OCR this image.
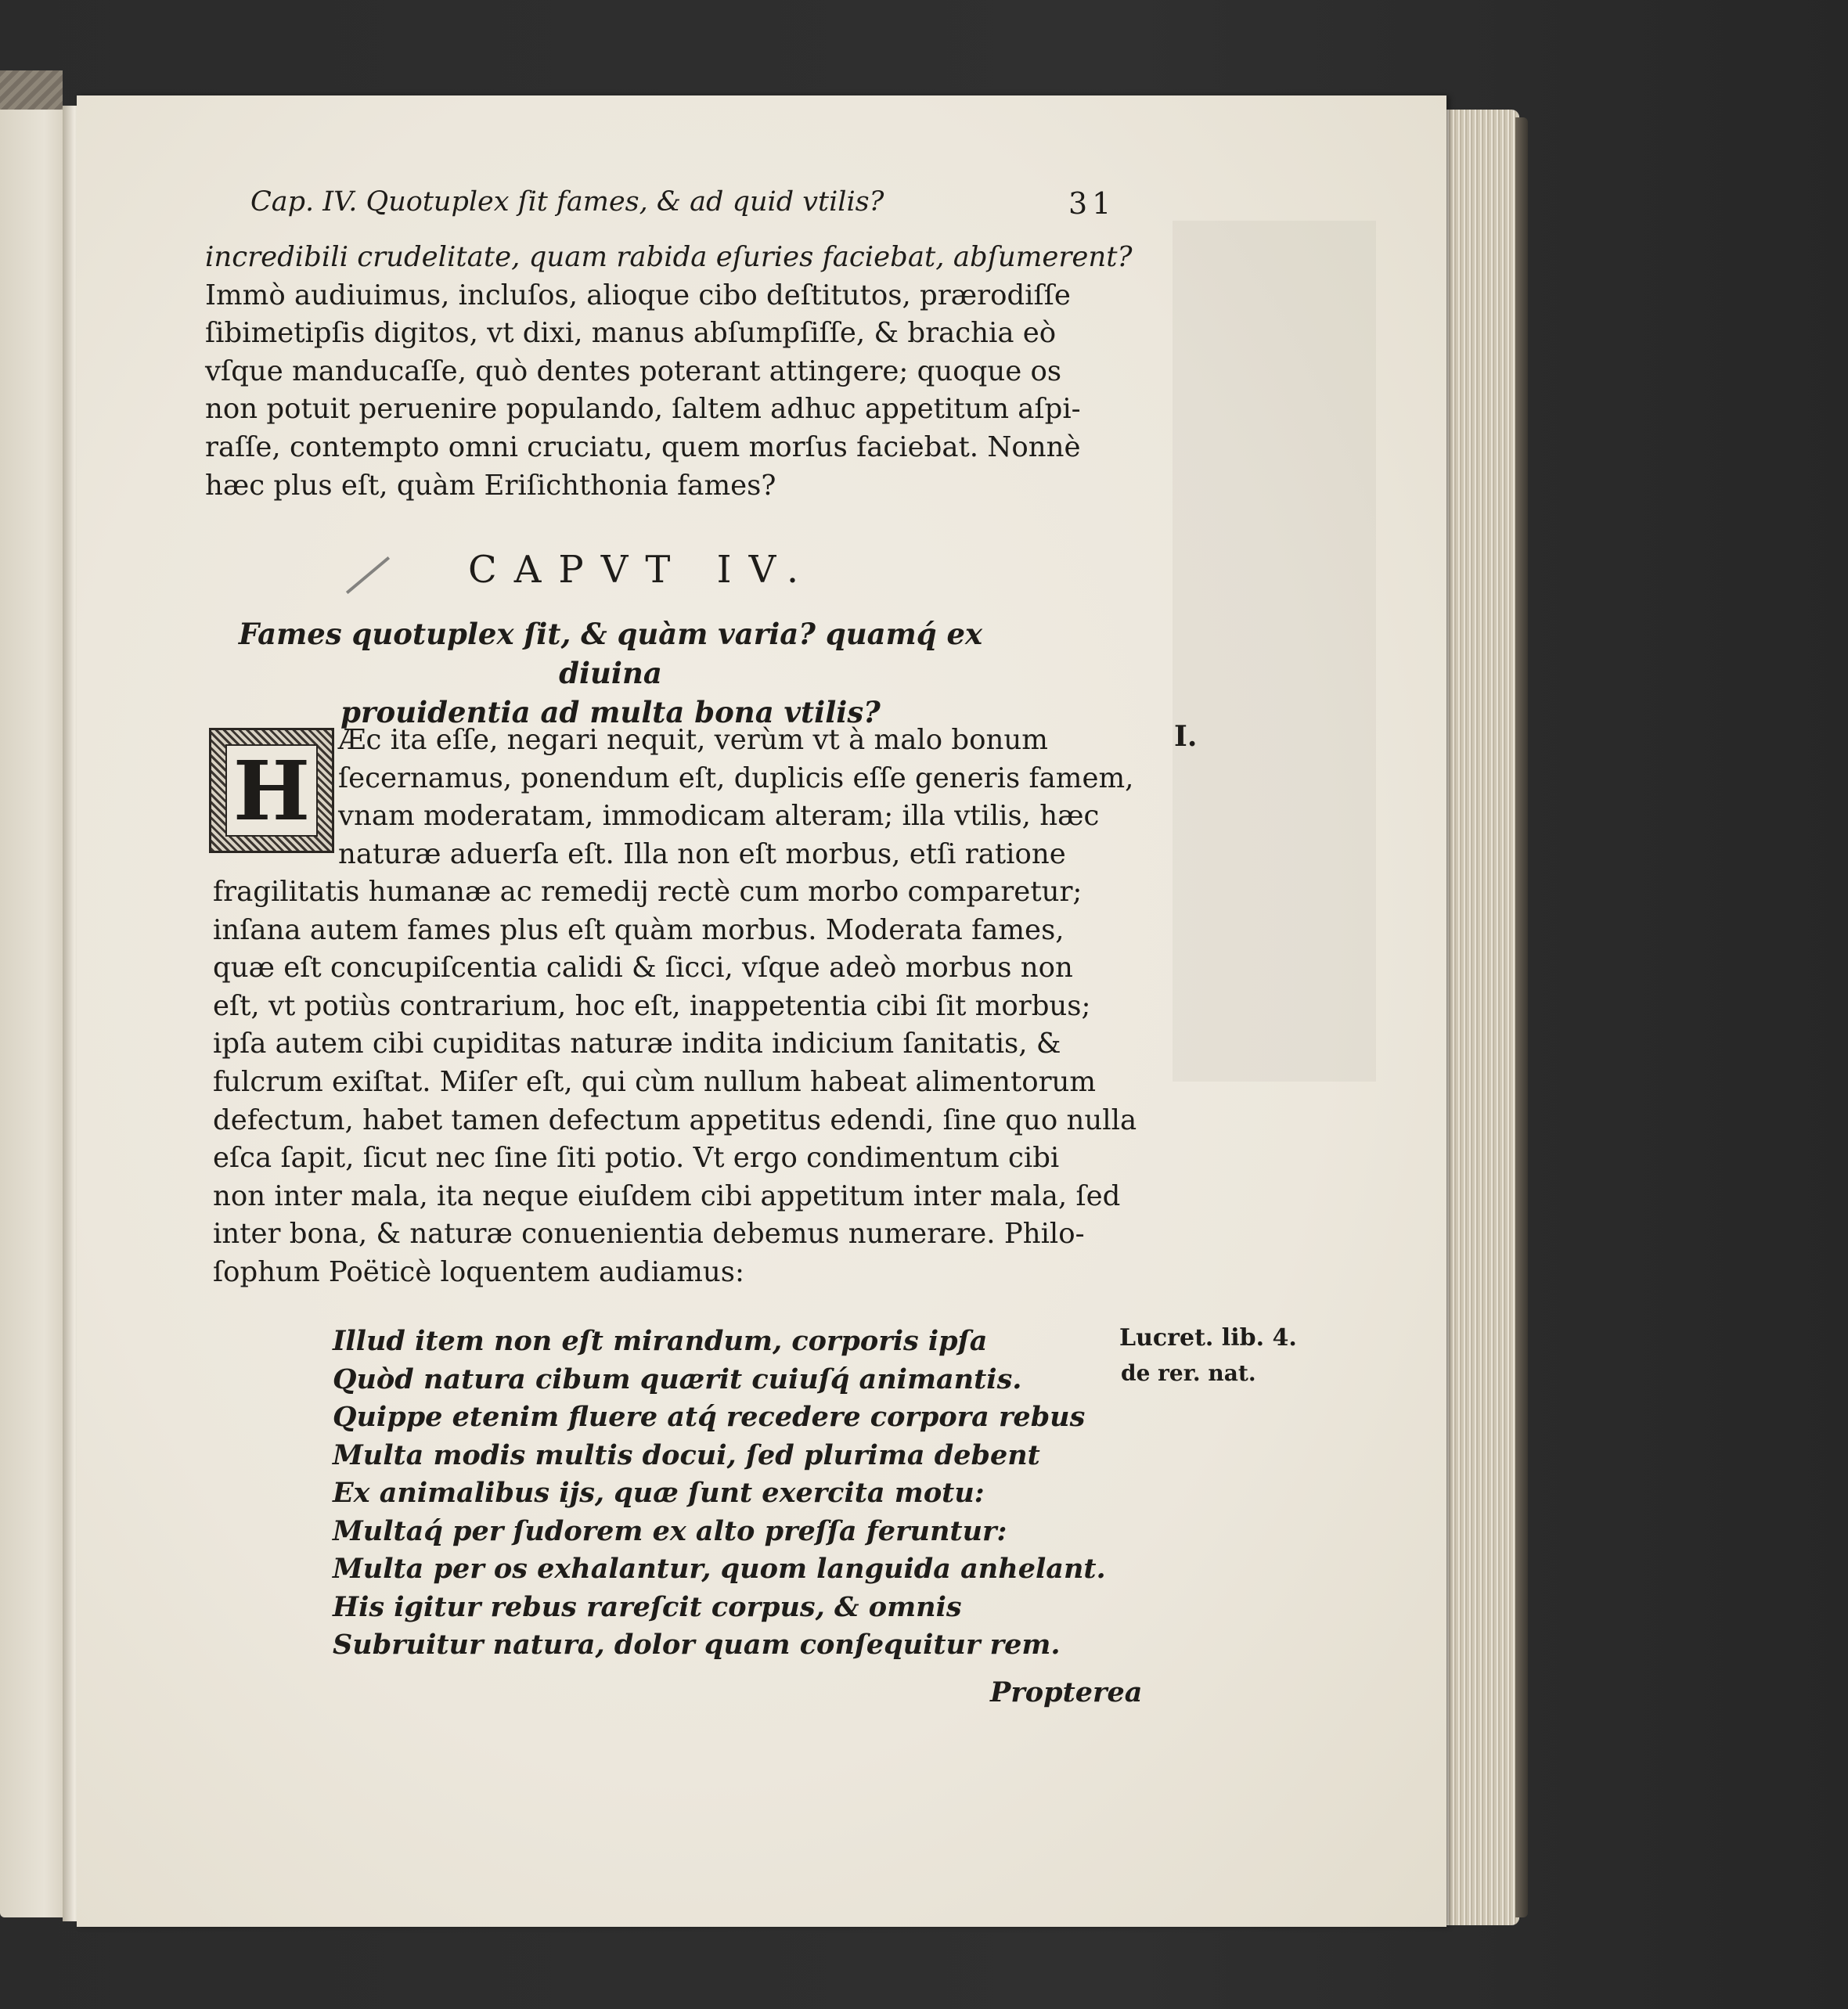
Cap. IV. Quotuplex ſit fames, & ad quid vtilis?	31
incredibili crudelitate, quam rabida eſuries faciebat, abſumerent?
Immò audiuimus, incluſos, alioque cibo deſtitutos, prærodiſſe
ſibimetipſis digitos, vt dixi, manus abſumpſiſſe, & brachia eò
vſque manducaſſe, quò dentes poterant attingere; quoque os
non potuit peruenire populando, ſaltem adhuc appetitum aſpi-
raſſe, contempto omni cruciatu, quem morſus faciebat. Nonnè
hæc plus eſt, quàm Eriſichthonia fames?
CAPVT IV.
Fames quotuplex ſit, & quàm varia? quamq́ ex diuina
prouidentia ad multa bona vtilis?
H
Æc ita eſſe, negari nequit, verùm vt à malo bonum
ſecernamus, ponendum eſt, duplicis eſſe generis famem,
vnam moderatam, immodicam alteram; illa vtilis, hæc
naturæ aduerſa eſt. Illa non eſt morbus, etſi ratione
fragilitatis humanæ ac remedij rectè cum morbo comparetur;
inſana autem fames plus eſt quàm morbus. Moderata fames,
quæ eſt concupiſcentia calidi & ſicci, vſque adeò morbus non
eſt, vt potiùs contrarium, hoc eſt, inappetentia cibi ſit morbus;
ipſa autem cibi cupiditas naturæ indita indicium ſanitatis, &
fulcrum exiſtat. Miſer eſt, qui cùm nullum habeat alimentorum
defectum, habet tamen defectum appetitus edendi, ſine quo nulla
eſca ſapit, ſicut nec ſine ſiti potio. Vt ergo condimentum cibi
non inter mala, ita neque eiuſdem cibi appetitum inter mala, ſed
inter bona, & naturæ conuenientia debemus numerare. Philo-
ſophum Poëticè loquentem audiamus:
Illud item non eſt mirandum, corporis ipſa
Quòd natura cibum quærit cuiuſq́ animantis.
Quippe etenim fluere atq́ recedere corpora rebus
Multa modis multis docui, ſed plurima debent
Ex animalibus ijs, quæ ſunt exercita motu:
Multaq́ per ſudorem ex alto preſſa feruntur:
Multa per os exhalantur, quom languida anhelant.
His igitur rebus rareſcit corpus, & omnis
Subruitur natura, dolor quam conſequitur rem.
Propterea
I.
Lucret. lib. 4.
de rer. nat.
